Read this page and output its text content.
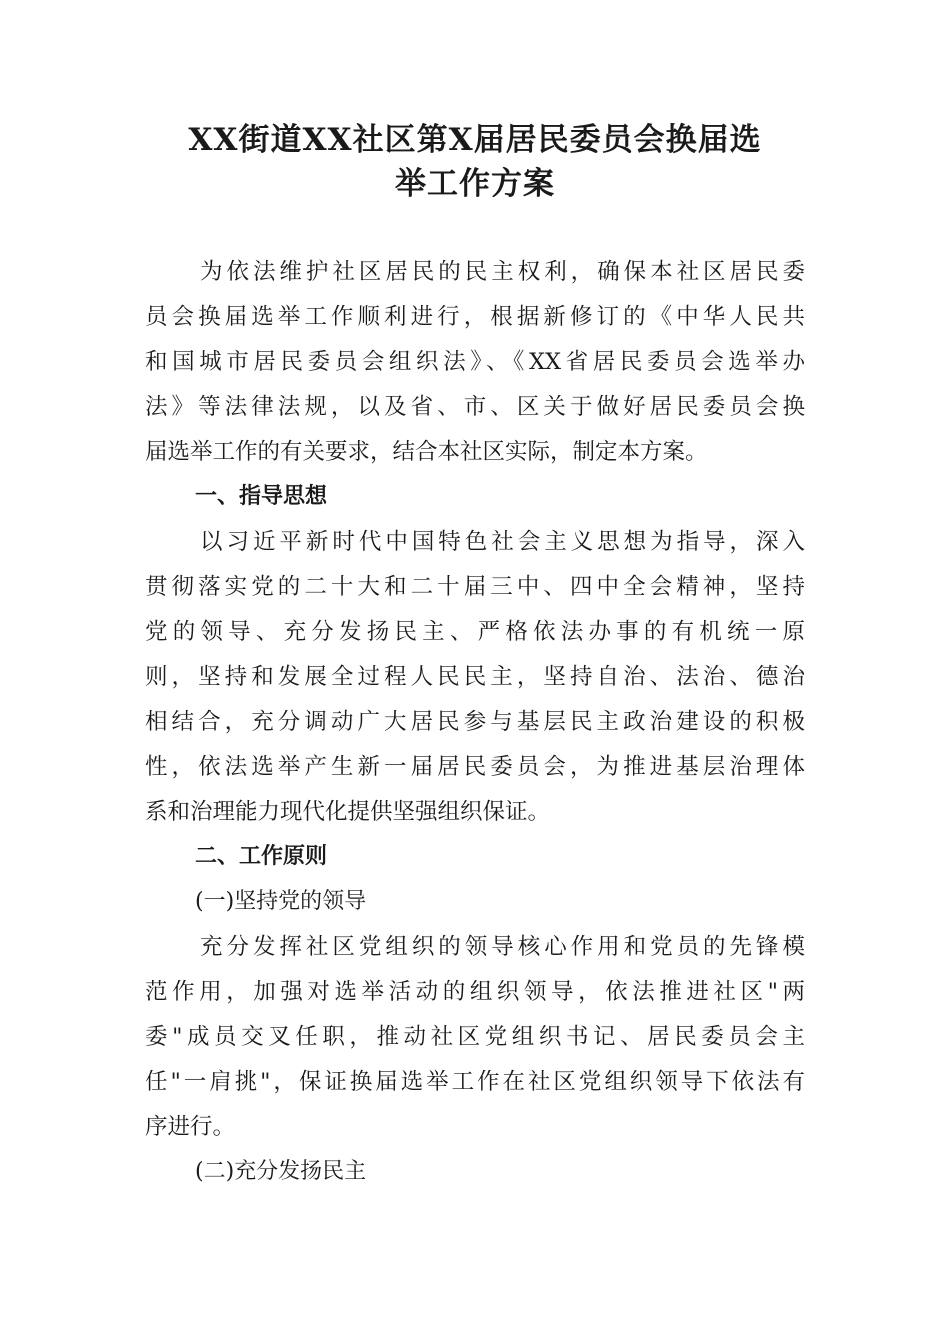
XX街道XX社区第X届居民委员会换届选
举工作方案

为依法维护社区居民的民主权利，确保本社区居民委

员会换届选举工作顺利进行，根据新修订的《中华人民共

和国城市居民委员会组织法》、《XX省居民委员会选举办

法》等法律法规，以及省、市、区关于做好居民委员会换

届选举工作的有关要求，结合本社区实际，制定本方案。

一、指导思想

以习近平新时代中国特色社会主义思想为指导，深入

贯彻落实党的二十大和二十届三中、四中全会精神，坚持

党的领导、充分发扬民主、严格依法办事的有机统一原

则，坚持和发展全过程人民民主，坚持自治、法治、德治

相结合，充分调动广大居民参与基层民主政治建设的积极

性，依法选举产生新一届居民委员会，为推进基层治理体

系和治理能力现代化提供坚强组织保证。

二、工作原则

(一)坚持党的领导

充分发挥社区党组织的领导核心作用和党员的先锋模

范作用，加强对选举活动的组织领导，依法推进社区"两

委"成员交叉任职，推动社区党组织书记、居民委员会主

任"一肩挑"，保证换届选举工作在社区党组织领导下依法有

序进行。

(二)充分发扬民主
